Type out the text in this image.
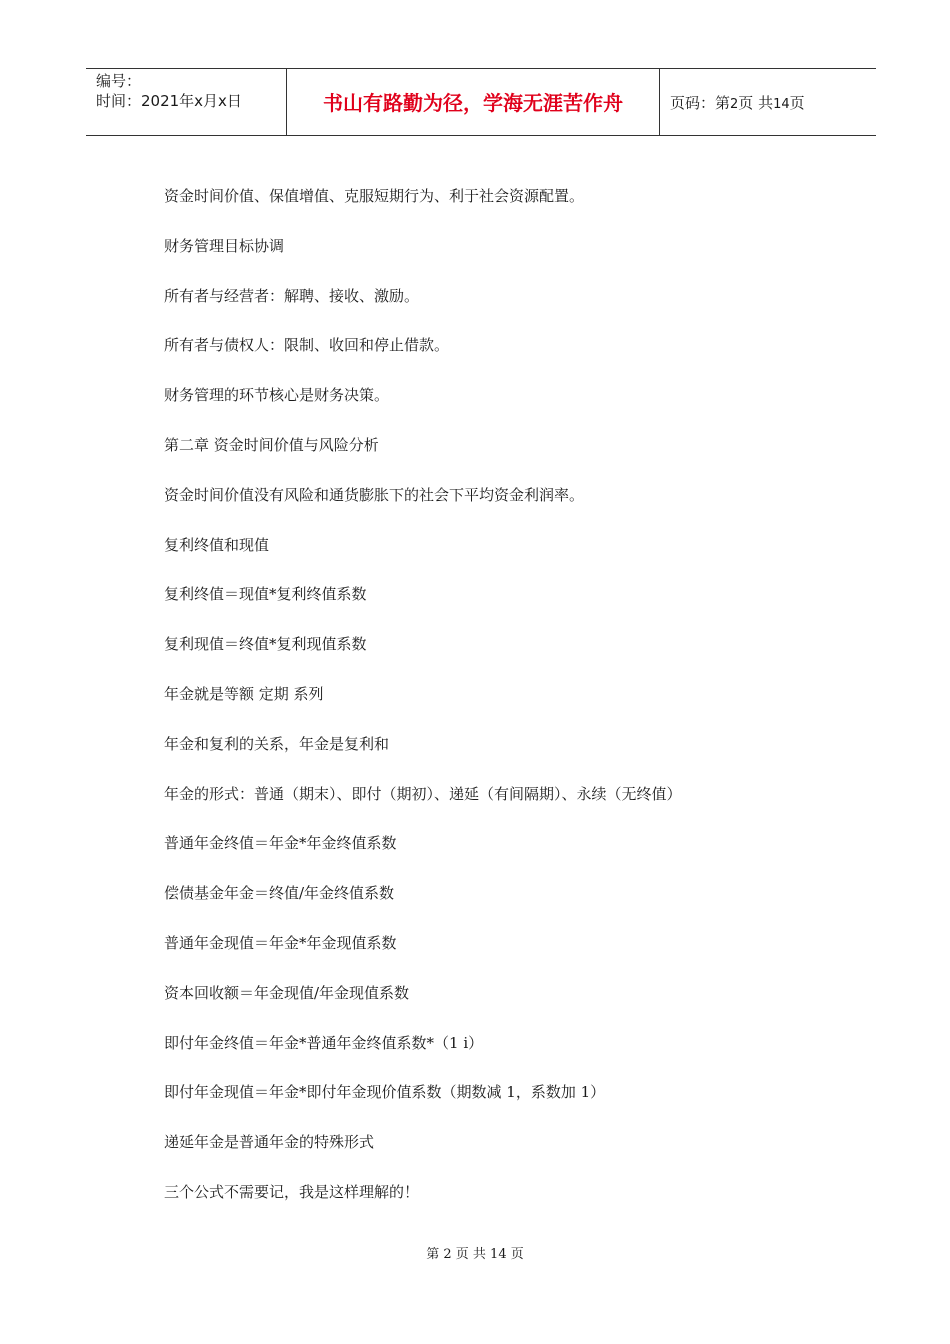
编号：
时间：2021年x月x日	书山有路勤为径，学海无涯苦作舟	页码：第2页 共14页
资金时间价值、保值增值、克服短期行为、利于社会资源配置。
财务管理目标协调
所有者与经营者：解聘、接收、激励。
所有者与债权人：限制、收回和停止借款。
财务管理的环节核心是财务决策。
第二章 资金时间价值与风险分析
资金时间价值没有风险和通货膨胀下的社会下平均资金利润率。
复利终值和现值
复利终值＝现值*复利终值系数
复利现值＝终值*复利现值系数
年金就是等额 定期 系列
年金和复利的关系，年金是复利和
年金的形式：普通（期末）、即付（期初）、递延（有间隔期）、永续（无终值）
普通年金终值＝年金*年金终值系数
偿债基金年金＝终值/年金终值系数
普通年金现值＝年金*年金现值系数
资本回收额＝年金现值/年金现值系数
即付年金终值＝年金*普通年金终值系数*（1 i）
即付年金现值＝年金*即付年金现价值系数（期数减 1，系数加 1）
递延年金是普通年金的特殊形式
三个公式不需要记，我是这样理解的！
第 2 页 共 14 页
